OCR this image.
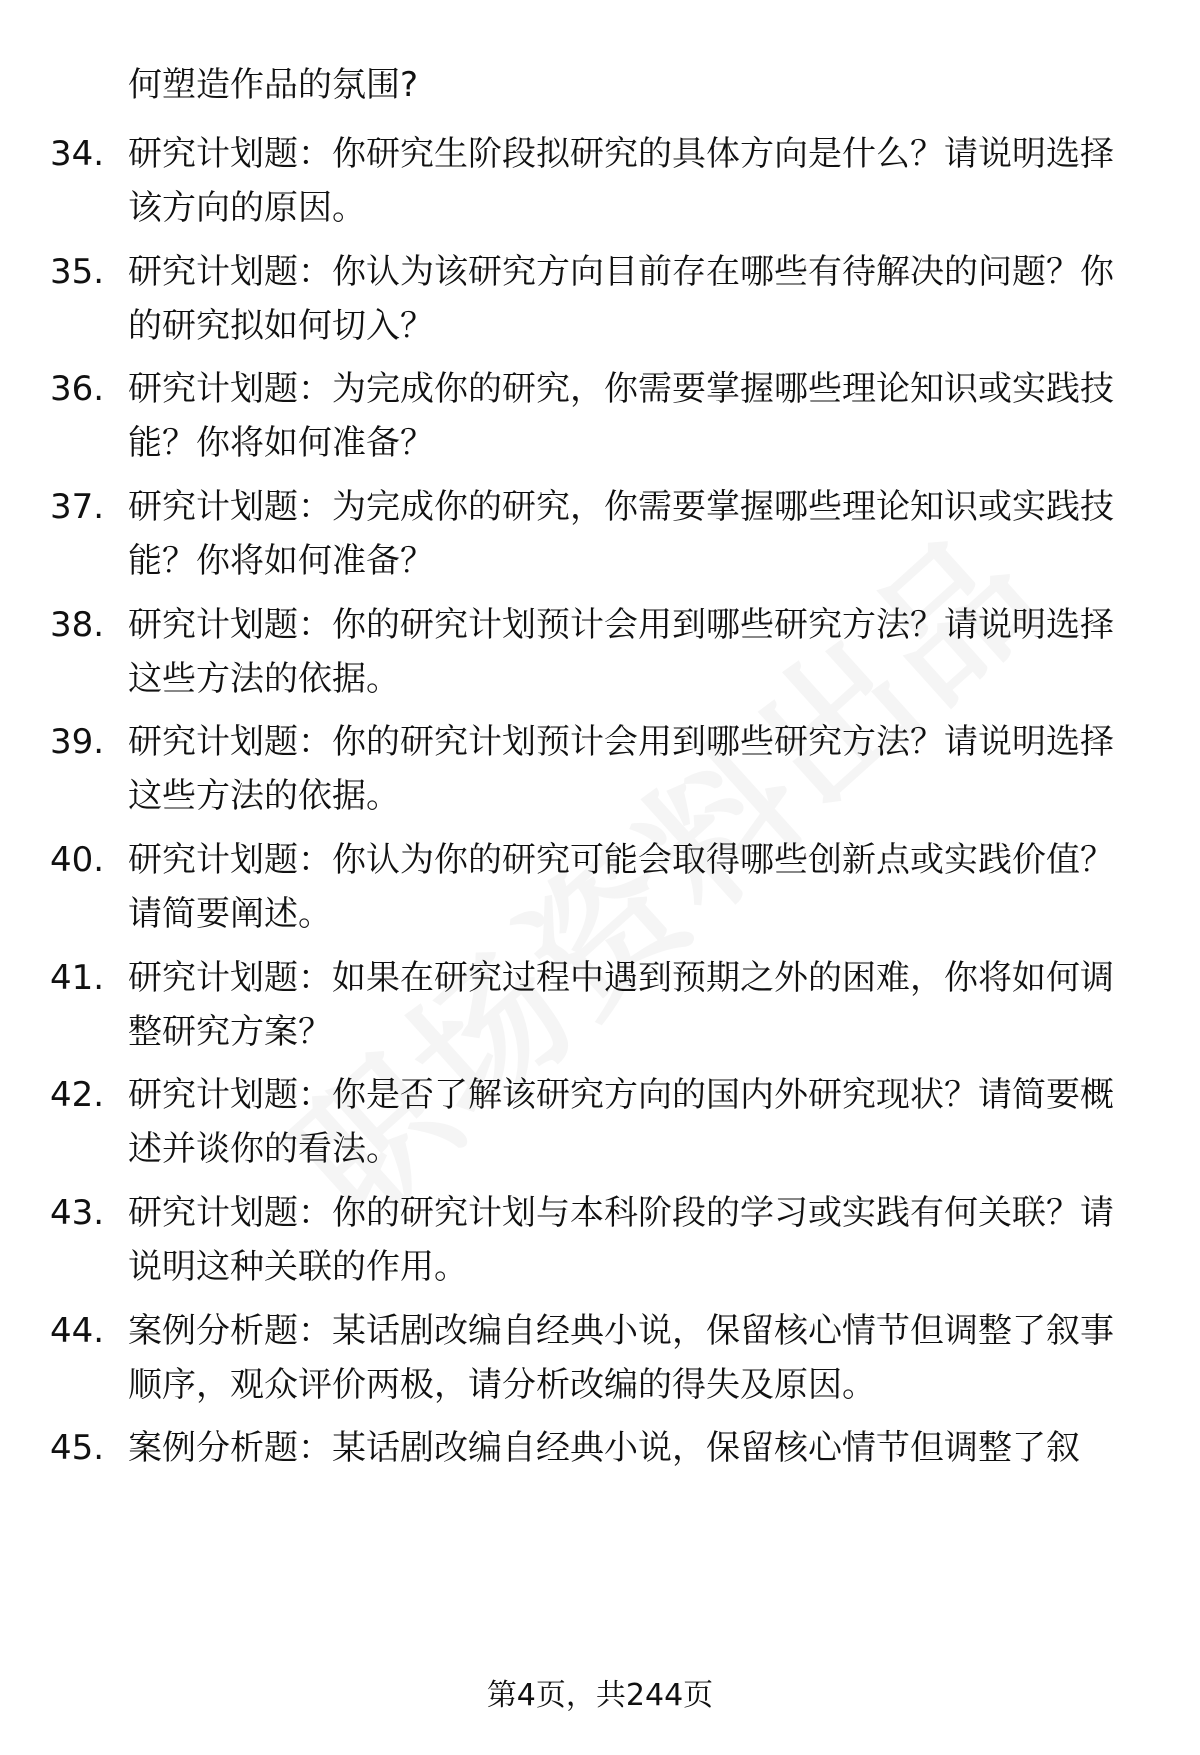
何塑造作品的氛围?
34. 研究计划题：你研究生阶段拟研究的具体方向是什么？请说明选择该方向的原因。
35. 研究计划题：你认为该研究方向目前存在哪些有待解决的问题？你的研究拟如何切入？
36. 研究计划题：为完成你的研究，你需要掌握哪些理论知识或实践技能？你将如何准备？
37. 研究计划题：为完成你的研究，你需要掌握哪些理论知识或实践技能？你将如何准备？
38. 研究计划题：你的研究计划预计会用到哪些研究方法？请说明选择这些方法的依据。
39. 研究计划题：你的研究计划预计会用到哪些研究方法？请说明选择这些方法的依据。
40. 研究计划题：你认为你的研究可能会取得哪些创新点或实践价值？请简要阐述。
41. 研究计划题：如果在研究过程中遇到预期之外的困难，你将如何调整研究方案？
42. 研究计划题：你是否了解该研究方向的国内外研究现状？请简要概述并谈你的看法。
43. 研究计划题：你的研究计划与本科阶段的学习或实践有何关联？请说明这种关联的作用。
44. 案例分析题：某话剧改编自经典小说，保留核心情节但调整了叙事顺序，观众评价两极，请分析改编的得失及原因。
45. 案例分析题：某话剧改编自经典小说，保留核心情节但调整了叙
第4页，共244页
